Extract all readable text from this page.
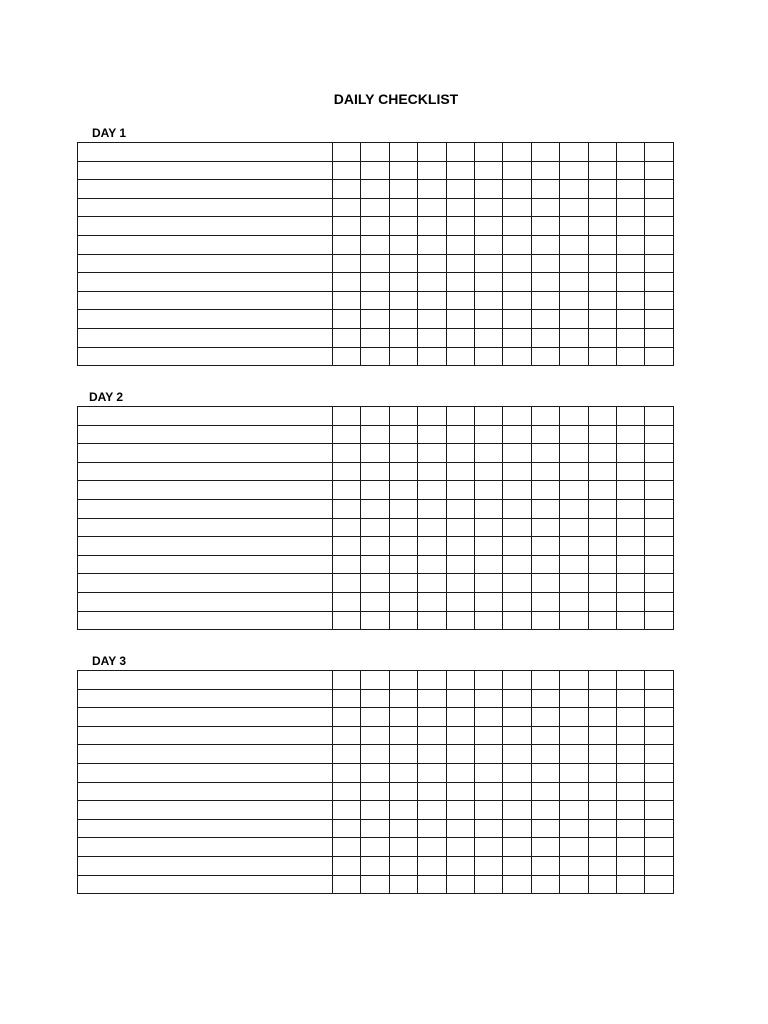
DAILY CHECKLIST
DAY 1

DAY 2

DAY 3
